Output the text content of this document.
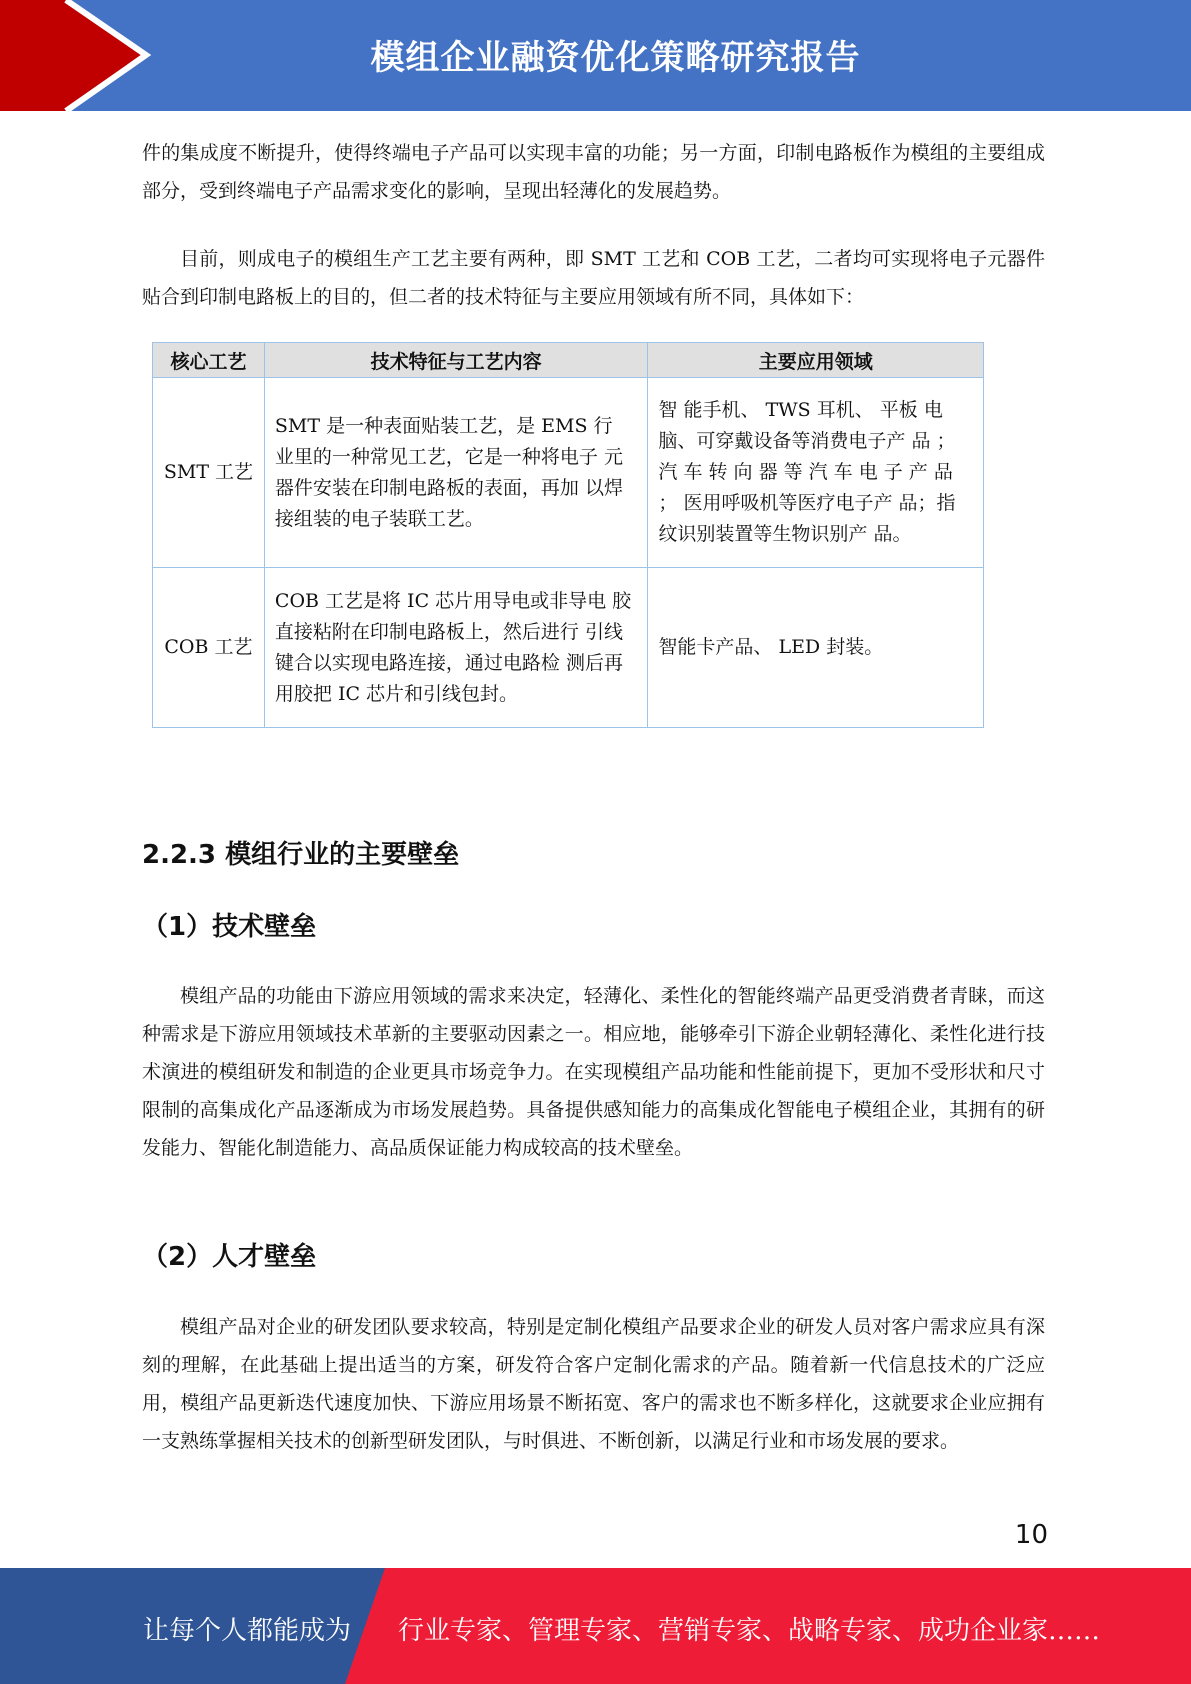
模组企业融资优化策略研究报告

件的集成度不断提升，使得终端电子产品可以实现丰富的功能；另一方面，印制电路板作为模组的主要组成部分，受到终端电子产品需求变化的影响，呈现出轻薄化的发展趋势。

目前，则成电子的模组生产工艺主要有两种，即 SMT 工艺和 COB 工艺，二者均可实现将电子元器件贴合到印制电路板上的目的，但二者的技术特征与主要应用领域有所不同，具体如下：

核心工艺	技术特征与工艺内容	主要应用领域
SMT 工艺	SMT 是一种表面贴装工艺，是 EMS 行 业里的一种常见工艺，它是一种将电子 元器件安装在印制电路板的表面，再加 以焊接组装的电子装联工艺。	智 能手机、 TWS 耳机、 平板 电脑、可穿戴设备等消费电子产 品 ； 汽 车 转 向 器 等 汽 车 电 子 产 品 ； 医用呼吸机等医疗电子产 品；指纹识别装置等生物识别产 品。
COB 工艺	COB 工艺是将 IC 芯片用导电或非导电 胶直接粘附在印制电路板上，然后进行 引线键合以实现电路连接，通过电路检 测后再用胶把 IC 芯片和引线包封。	智能卡产品、 LED 封装。
2.2.3 模组行业的主要壁垒
（1）技术壁垒

模组产品的功能由下游应用领域的需求来决定，轻薄化、柔性化的智能终端产品更受消费者青睐，而这种需求是下游应用领域技术革新的主要驱动因素之一。相应地，能够牵引下游企业朝轻薄化、柔性化进行技术演进的模组研发和制造的企业更具市场竞争力。在实现模组产品功能和性能前提下，更加不受形状和尺寸限制的高集成化产品逐渐成为市场发展趋势。具备提供感知能力的高集成化智能电子模组企业，其拥有的研发能力、智能化制造能力、高品质保证能力构成较高的技术壁垒。

（2）人才壁垒

模组产品对企业的研发团队要求较高，特别是定制化模组产品要求企业的研发人员对客户需求应具有深刻的理解，在此基础上提出适当的方案，研发符合客户定制化需求的产品。随着新一代信息技术的广泛应用，模组产品更新迭代速度加快、下游应用场景不断拓宽、客户的需求也不断多样化，这就要求企业应拥有一支熟练掌握相关技术的创新型研发团队，与时俱进、不断创新，以满足行业和市场发展的要求。

10
让每个人都能成为 行业专家、管理专家、营销专家、战略专家、成功企业家……
